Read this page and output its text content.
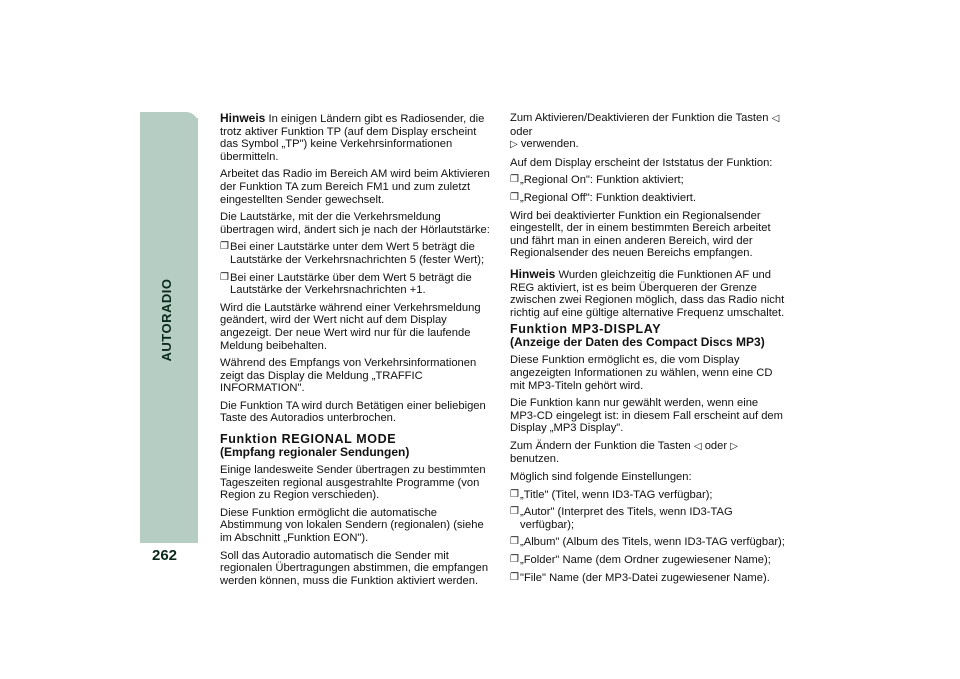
AUTORADIO
262

Hinweis In einigen Ländern gibt es Radiosender, die trotz aktiver Funktion TP (auf dem Display erscheint das Symbol „TP") keine Verkehrsinformationen übermitteln.

Arbeitet das Radio im Bereich AM wird beim Aktivieren der Funktion TA zum Bereich FM1 und zum zuletzt eingestellten Sender gewechselt.

Die Lautstärke, mit der die Verkehrsmeldung übertragen wird, ändert sich je nach der Hörlautstärke:

❐ Bei einer Lautstärke unter dem Wert 5 beträgt die Lautstärke der Verkehrsnachrichten 5 (fester Wert);
❐ Bei einer Lautstärke über dem Wert 5 beträgt die Lautstärke der Verkehrsnachrichten +1.

Wird die Lautstärke während einer Verkehrsmeldung geändert, wird der Wert nicht auf dem Display angezeigt. Der neue Wert wird nur für die laufende Meldung beibehalten.

Während des Empfangs von Verkehrsinformationen zeigt das Display die Meldung „TRAFFIC INFORMATION".

Die Funktion TA wird durch Betätigen einer beliebigen Taste des Autoradios unterbrochen.

Funktion REGIONAL MODE
(Empfang regionaler Sendungen)

Einige landesweite Sender übertragen zu bestimmten Tageszeiten regional ausgestrahlte Programme (von Region zu Region verschieden).

Diese Funktion ermöglicht die automatische Abstimmung von lokalen Sendern (regionalen) (siehe im Abschnitt „Funktion EON").

Soll das Autoradio automatisch die Sender mit regionalen Übertragungen abstimmen, die empfangen werden können, muss die Funktion aktiviert werden.

Zum Aktivieren/Deaktivieren der Funktion die Tasten ◁ oder
▷ verwenden.

Auf dem Display erscheint der Iststatus der Funktion:

❐ „Regional On": Funktion aktiviert;
❐ „Regional Off": Funktion deaktiviert.

Wird bei deaktivierter Funktion ein Regionalsender eingestellt, der in einem bestimmten Bereich arbeitet und fährt man in einen anderen Bereich, wird der Regionalsender des neuen Bereichs empfangen.

Hinweis Wurden gleichzeitig die Funktionen AF und REG aktiviert, ist es beim Überqueren der Grenze zwischen zwei Regionen möglich, dass das Radio nicht richtig auf eine gültige alternative Frequenz umschaltet.

Funktion MP3-DISPLAY
(Anzeige der Daten des Compact Discs MP3)

Diese Funktion ermöglicht es, die vom Display angezeigten Informationen zu wählen, wenn eine CD mit MP3-Titeln gehört wird.

Die Funktion kann nur gewählt werden, wenn eine MP3-CD eingelegt ist: in diesem Fall erscheint auf dem Display „MP3 Display".

Zum Ändern der Funktion die Tasten ◁ oder ▷ benutzen.

Möglich sind folgende Einstellungen:

❐ „Title" (Titel, wenn ID3-TAG verfügbar);
❐ „Autor" (Interpret des Titels, wenn ID3-TAG verfügbar);
❐ „Album" (Album des Titels, wenn ID3-TAG verfügbar);
❐ „Folder" Name (dem Ordner zugewiesener Name);
❐ "File" Name (der MP3-Datei zugewiesener Name).
